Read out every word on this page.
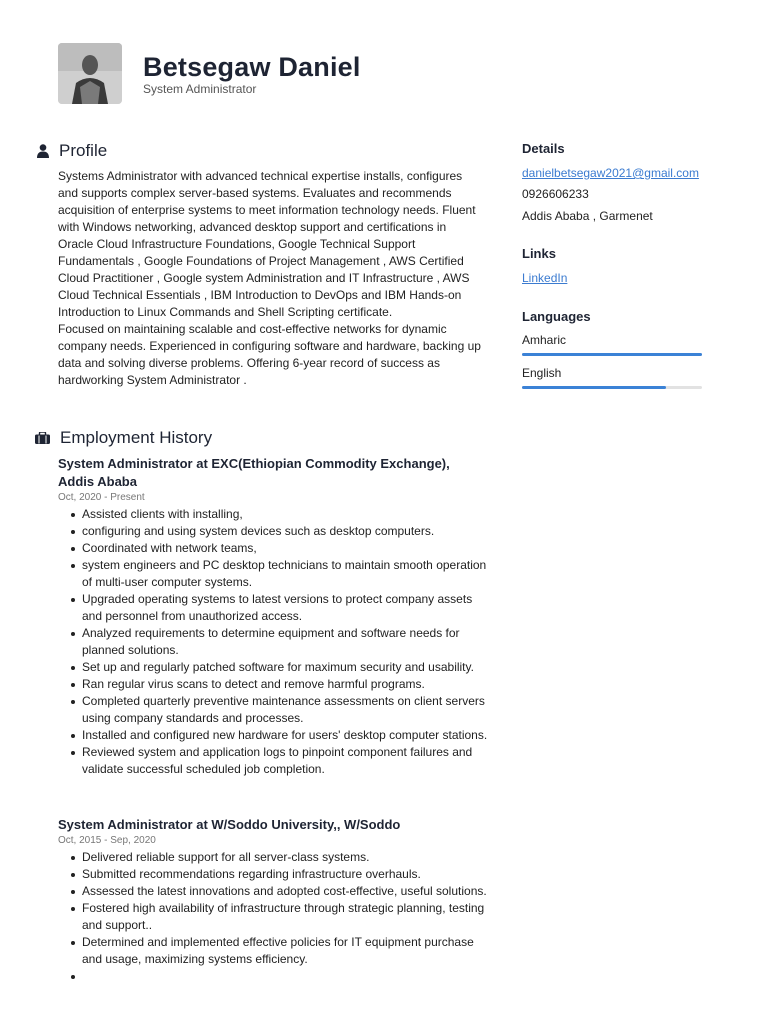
Betsegaw Daniel
System Administrator
Profile

Systems Administrator with advanced technical expertise installs, configures and supports complex server-based systems. Evaluates and recommends acquisition of enterprise systems to meet information technology needs. Fluent with Windows networking, advanced desktop support and certifications in Oracle Cloud Infrastructure Foundations, Google Technical Support Fundamentals , Google Foundations of Project Management , AWS Certified Cloud Practitioner , Google system Administration and IT Infrastructure , AWS Cloud Technical Essentials , IBM Introduction to DevOps and IBM Hands-on Introduction to Linux Commands and Shell Scripting certificate.

Focused on maintaining scalable and cost-effective networks for dynamic company needs. Experienced in configuring software and hardware, backing up data and solving diverse problems. Offering 6-year record of success as hardworking System Administrator .

Employment History
System Administrator at EXC(Ethiopian Commodity Exchange), Addis Ababa
Oct, 2020 - Present
Assisted clients with installing,
configuring and using system devices such as desktop computers.
Coordinated with network teams,
system engineers and PC desktop technicians to maintain smooth operation of multi-user computer systems.
Upgraded operating systems to latest versions to protect company assets and personnel from unauthorized access.
Analyzed requirements to determine equipment and software needs for planned solutions.
Set up and regularly patched software for maximum security and usability.
Ran regular virus scans to detect and remove harmful programs.
Completed quarterly preventive maintenance assessments on client servers using company standards and processes.
Installed and configured new hardware for users' desktop computer stations.
Reviewed system and application logs to pinpoint component failures and validate successful scheduled job completion.
System Administrator at W/Soddo University,, W/Soddo
Oct, 2015 - Sep, 2020
Delivered reliable support for all server-class systems.
Submitted recommendations regarding infrastructure overhauls.
Assessed the latest innovations and adopted cost-effective, useful solutions.
Fostered high availability of infrastructure through strategic planning, testing and support..
Determined and implemented effective policies for IT equipment purchase and usage, maximizing systems efficiency.
Details
danielbetsegaw2021@gmail.com
0926606233
Addis Ababa , Garmenet
Links
LinkedIn
Languages
Amharic
English
